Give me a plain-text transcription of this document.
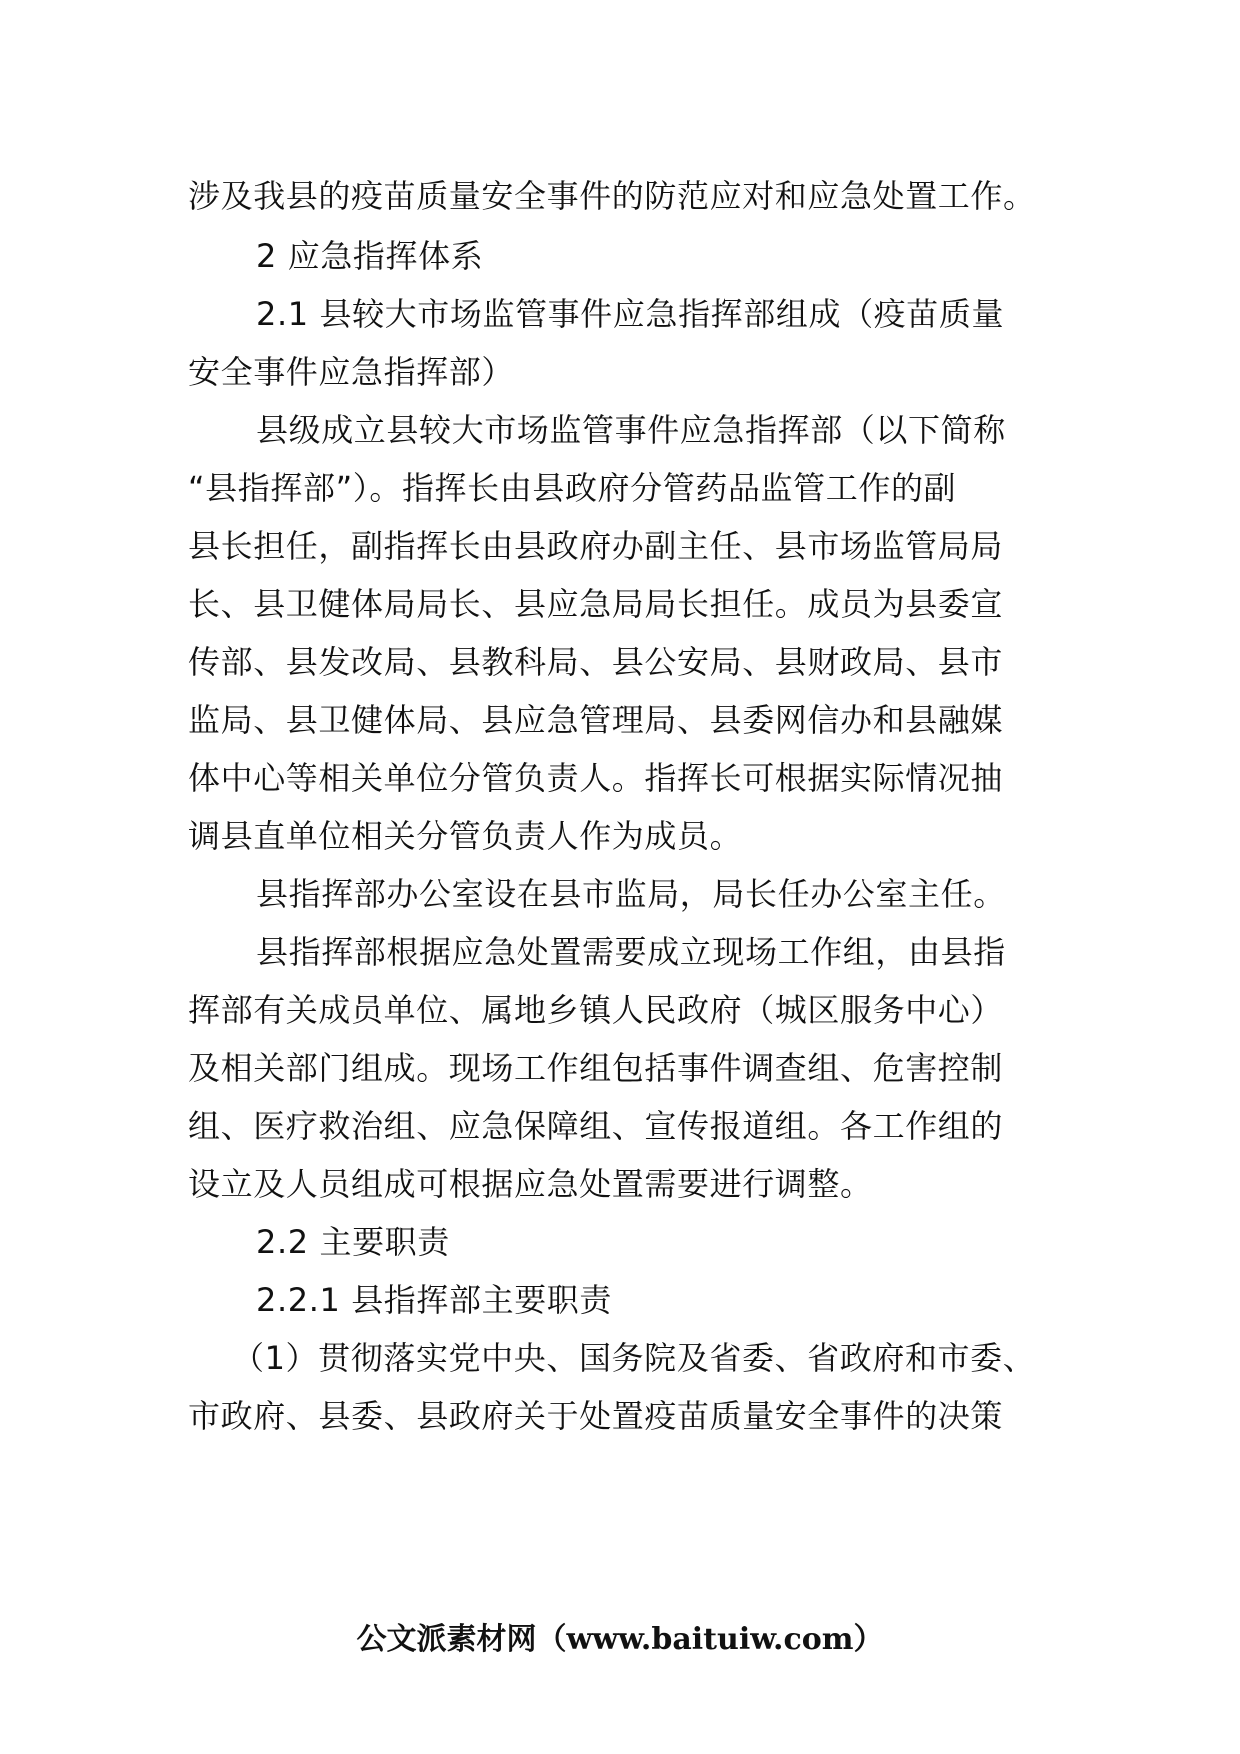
涉及我县的疫苗质量安全事件的防范应对和应急处置工作。
2 应急指挥体系
2.1 县较大市场监管事件应急指挥部组成（疫苗质量
安全事件应急指挥部）
县级成立县较大市场监管事件应急指挥部（以下简称
“县指挥部”）。指挥长由县政府分管药品监管工作的副
县长担任，副指挥长由县政府办副主任、县市场监管局局
长、县卫健体局局长、县应急局局长担任。成员为县委宣
传部、县发改局、县教科局、县公安局、县财政局、县市
监局、县卫健体局、县应急管理局、县委网信办和县融媒
体中心等相关单位分管负责人。指挥长可根据实际情况抽
调县直单位相关分管负责人作为成员。
县指挥部办公室设在县市监局，局长任办公室主任。
县指挥部根据应急处置需要成立现场工作组，由县指
挥部有关成员单位、属地乡镇人民政府（城区服务中心）
及相关部门组成。现场工作组包括事件调查组、危害控制
组、医疗救治组、应急保障组、宣传报道组。各工作组的
设立及人员组成可根据应急处置需要进行调整。
2.2 主要职责
2.2.1 县指挥部主要职责
（1）贯彻落实党中央、国务院及省委、省政府和市委、
市政府、县委、县政府关于处置疫苗质量安全事件的决策
公文派素材网（www.baituiw.com）
